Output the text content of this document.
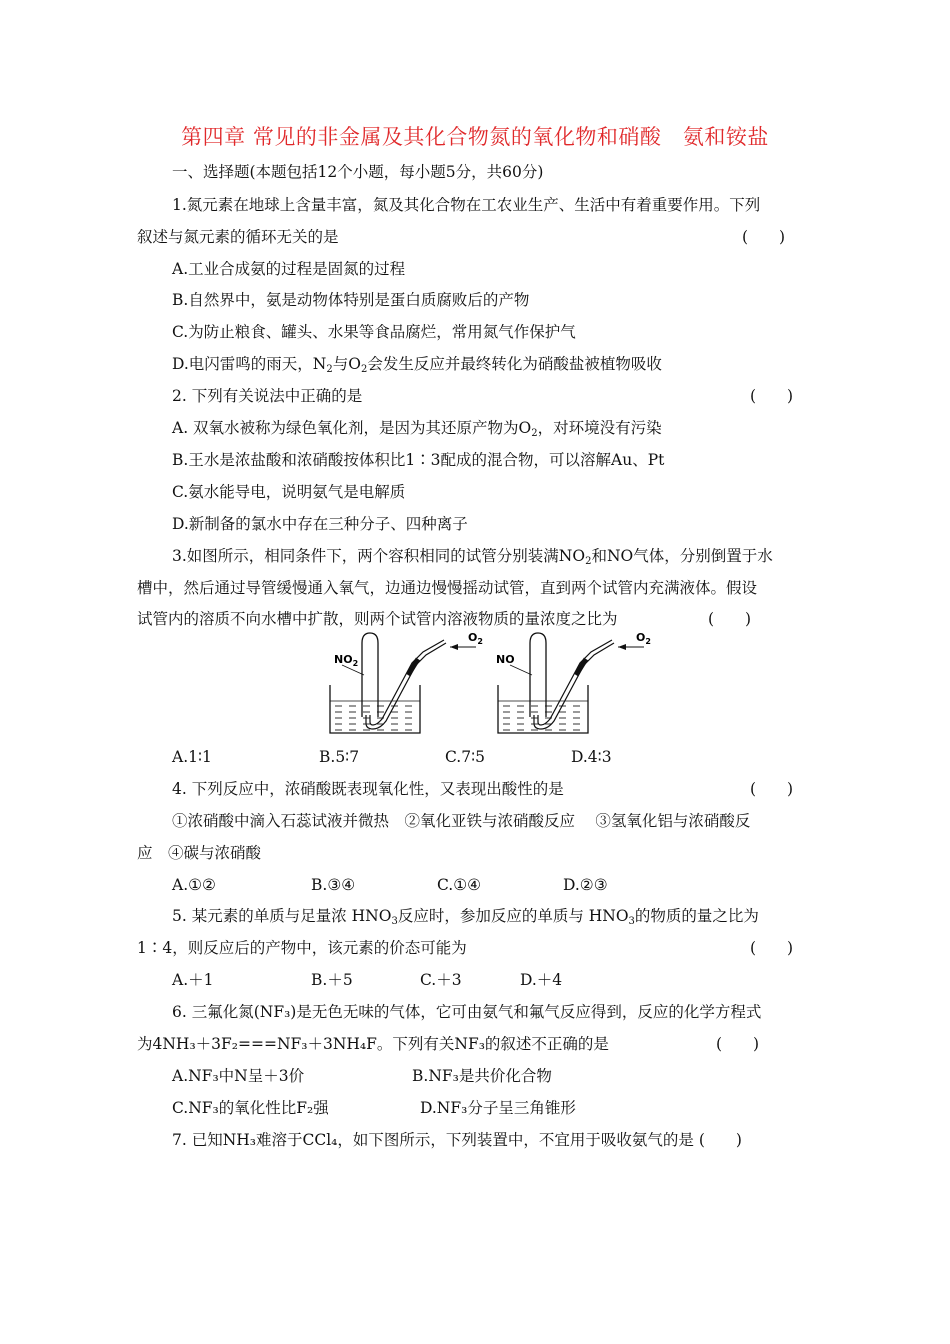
第四章 常见的非金属及其化合物氮的氧化物和硝酸　氨和铵盐
一、选择题(本题包括12个小题，每小题5分，共60分)
1.氮元素在地球上含量丰富，氮及其化合物在工农业生产、生活中有着重要作用。下列
叙述与氮元素的循环无关的是	(　　)
A.工业合成氨的过程是固氮的过程
B.自然界中，氨是动物体特别是蛋白质腐败后的产物
C.为防止粮食、罐头、水果等食品腐烂，常用氮气作保护气
D.电闪雷鸣的雨天，$N_2$与$O_2$会发生反应并最终转化为硝酸盐被植物吸收
2. 下列有关说法中正确的是	(　　)
A. 双氧水被称为绿色氧化剂，是因为其还原产物为$O_2$，对环境没有污染
B.王水是浓盐酸和浓硝酸按体积比1∶3配成的混合物，可以溶解Au、Pt
C.氨水能导电，说明氨气是电解质
D.新制备的氯水中存在三种分子、四种离子
3.如图所示，相同条件下，两个容积相同的试管分别装满$NO_2$和NO气体，分别倒置于水
槽中，然后通过导管缓慢通入氧气，边通边慢慢摇动试管，直到两个试管内充满液体。假设
试管内的溶质不向水槽中扩散，则两个试管内溶液物质的量浓度之比为	(　　)
$NO_2$
$O_2$
NO
$O_2$
A.1∶1	B.5∶7	C.7∶5	D.4∶3
4. 下列反应中，浓硝酸既表现氧化性，又表现出酸性的是	(　　)
①浓硝酸中滴入石蕊试液并微热　②氧化亚铁与浓硝酸反应　 ③氢氧化铝与浓硝酸反
应　④碳与浓硝酸
A.①②	B.③④	C.①④	D.②③
5. 某元素的单质与足量浓 $HNO_3$反应时，参加反应的单质与 $HNO_3$的物质的量之比为
1∶4，则反应后的产物中，该元素的价态可能为	(　　)
A.＋1	B.＋5	C.＋3	D.＋4
6. 三氟化氮(NF₃)是无色无味的气体，它可由氨气和氟气反应得到，反应的化学方程式
为4NH₃＋3F₂===NF₃＋3NH₄F。下列有关NF₃的叙述不正确的是	(　　)
A.NF₃中N呈＋3价	B.NF₃是共价化合物
C.NF₃的氧化性比F₂强	D.NF₃分子呈三角锥形
7. 已知NH₃难溶于CCl₄，如下图所示，下列装置中，不宜用于吸收氨气的是 (　　)
